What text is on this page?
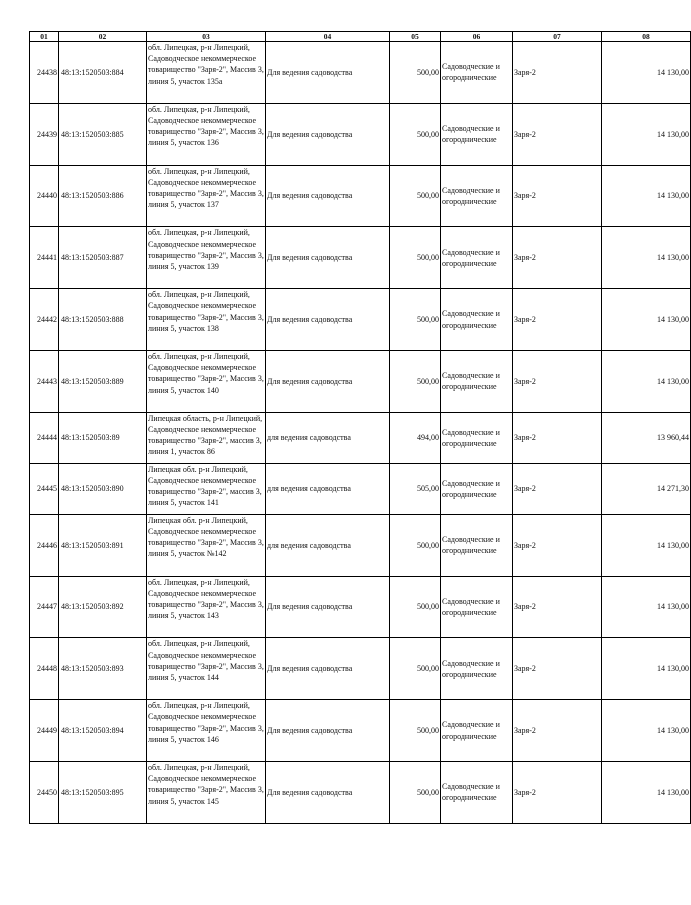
01	02	03	04	05	06	07	08
24438	48:13:1520503:884	обл. Липецкая, р-н Липецкий, Садоводческое некоммерческое товарищество "Заря-2", Массив 3, линия 5, участок 135а	Для ведения садоводства	500,00	Садоводческие и огороднические	Заря-2	14 130,00
24439	48:13:1520503:885	обл. Липецкая, р-н Липецкий, Садоводческое некоммерческое товарищество "Заря-2", Массив 3, линия 5, участок 136	Для ведения садоводства	500,00	Садоводческие и огороднические	Заря-2	14 130,00
24440	48:13:1520503:886	обл. Липецкая, р-н Липецкий, Садоводческое некоммерческое товарищество "Заря-2", Массив 3, линия 5, участок 137	Для ведения садоводства	500,00	Садоводческие и огороднические	Заря-2	14 130,00
24441	48:13:1520503:887	обл. Липецкая, р-н Липецкий, Садоводческое некоммерческое товарищество "Заря-2", Массив 3, линия 5, участок 139	Для ведения садоводства	500,00	Садоводческие и огороднические	Заря-2	14 130,00
24442	48:13:1520503:888	обл. Липецкая, р-н Липецкий, Садоводческое некоммерческое товарищество "Заря-2", Массив 3, линия 5, участок 138	Для ведения садоводства	500,00	Садоводческие и огороднические	Заря-2	14 130,00
24443	48:13:1520503:889	обл. Липецкая, р-н Липецкий, Садоводческое некоммерческое товарищество "Заря-2", Массив 3, линия 5, участок 140	Для ведения садоводства	500,00	Садоводческие и огороднические	Заря-2	14 130,00
24444	48:13:1520503:89	Липецкая область, р-н Липецкий, Садоводческое некоммерческое товарищество "Заря-2", массив 3, линия 1, участок 86	для ведения садоводства	494,00	Садоводческие и огороднические	Заря-2	13 960,44
24445	48:13:1520503:890	Липецкая обл. р-н Липецкий, Садоводческое некоммерческое товарищество "Заря-2", массив 3, линия 5, участок 141	для ведения садоводства	505,00	Садоводческие и огороднические	Заря-2	14 271,30
24446	48:13:1520503:891	Липецкая обл. р-н Липецкий, Садоводческое некоммерческое товарищество "Заря-2", Массив 3, линия 5, участок №142	для ведения садоводства	500,00	Садоводческие и огороднические	Заря-2	14 130,00
24447	48:13:1520503:892	обл. Липецкая, р-н Липецкий, Садоводческое некоммерческое товарищество "Заря-2", Массив 3, линия 5, участок 143	Для ведения садоводства	500,00	Садоводческие и огороднические	Заря-2	14 130,00
24448	48:13:1520503:893	обл. Липецкая, р-н Липецкий, Садоводческое некоммерческое товарищество "Заря-2", Массив 3, линия 5, участок 144	Для ведения садоводства	500,00	Садоводческие и огороднические	Заря-2	14 130,00
24449	48:13:1520503:894	обл. Липецкая, р-н Липецкий, Садоводческое некоммерческое товарищество "Заря-2", Массив 3, линия 5, участок 146	Для ведения садоводства	500,00	Садоводческие и огороднические	Заря-2	14 130,00
24450	48:13:1520503:895	обл. Липецкая, р-н Липецкий, Садоводческое некоммерческое товарищество "Заря-2", Массив 3, линия 5, участок 145	Для ведения садоводства	500,00	Садоводческие и огороднические	Заря-2	14 130,00
